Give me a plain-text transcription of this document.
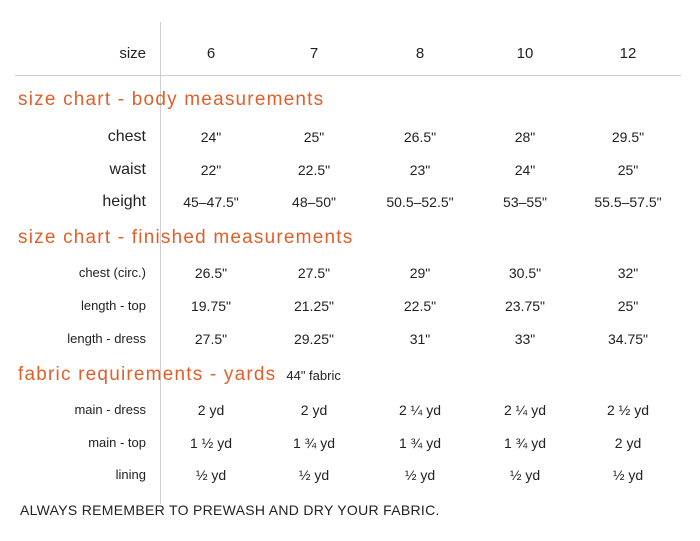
size	6	7	8	10	12
size chart - body measurements
chest	24"	25"	26.5"	28"	29.5"
waist	22"	22.5"	23"	24"	25"
height	45–47.5"	48–50"	50.5–52.5"	53–55"	55.5–57.5"
size chart - finished measurements
chest (circ.)	26.5"	27.5"	29"	30.5"	32"
length - top	19.75"	21.25"	22.5"	23.75"	25"
length - dress	27.5"	29.25"	31"	33"	34.75"
fabric requirements - yards 44" fabric
main - dress	2 yd	2 yd	2 ¼ yd	2 ¼ yd	2 ½ yd
main - top	1 ½ yd	1 ¾ yd	1 ¾ yd	1 ¾ yd	2 yd
lining	½ yd	½ yd	½ yd	½ yd	½ yd
ALWAYS REMEMBER TO PREWASH AND DRY YOUR FABRIC.
